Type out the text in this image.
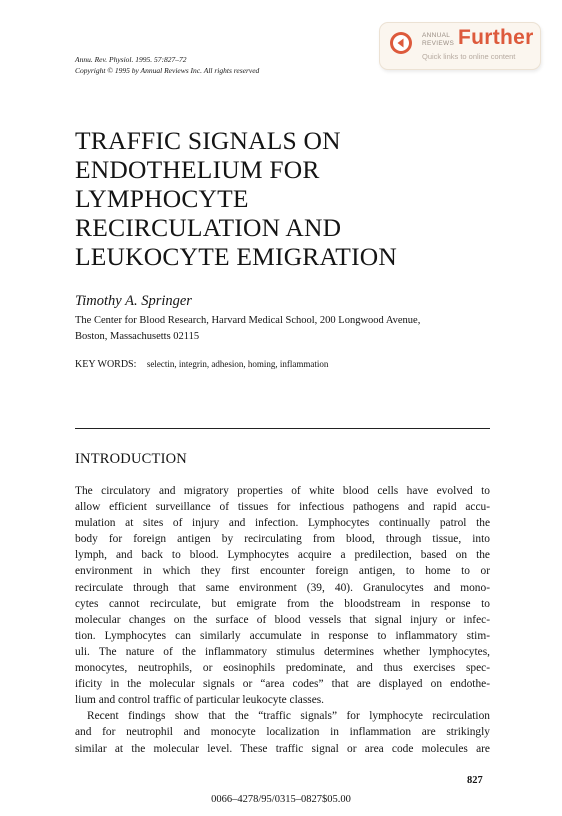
Annu. Rev. Physiol. 1995. 57:827–72
Copyright © 1995 by Annual Reviews Inc. All rights reserved
ANNUAL
REVIEWS Further
Quick links to online content
TRAFFIC SIGNALS ON
ENDOTHELIUM FOR
LYMPHOCYTE
RECIRCULATION AND
LEUKOCYTE EMIGRATION
Timothy A. Springer
The Center for Blood Research, Harvard Medical School, 200 Longwood Avenue,
Boston, Massachusetts 02115
KEY WORDS: selectin, integrin, adhesion, homing, inflammation
INTRODUCTION
The circulatory and migratory properties of white blood cells have evolved to
allow efficient surveillance of tissues for infectious pathogens and rapid accu-
mulation at sites of injury and infection. Lymphocytes continually patrol the
body for foreign antigen by recirculating from blood, through tissue, into
lymph, and back to blood. Lymphocytes acquire a predilection, based on the
environment in which they first encounter foreign antigen, to home to or
recirculate through that same environment (39, 40). Granulocytes and mono-
cytes cannot recirculate, but emigrate from the bloodstream in response to
molecular changes on the surface of blood vessels that signal injury or infec-
tion. Lymphocytes can similarly accumulate in response to inflammatory stim-
uli. The nature of the inflammatory stimulus determines whether lymphocytes,
monocytes, neutrophils, or eosinophils predominate, and thus exercises spec-
ificity in the molecular signals or “area codes” that are displayed on endothe-
lium and control traffic of particular leukocyte classes.
Recent findings show that the “traffic signals” for lymphocyte recirculation
and for neutrophil and monocyte localization in inflammation are strikingly
similar at the molecular level. These traffic signal or area code molecules are
827
0066–4278/95/0315–0827$05.00
